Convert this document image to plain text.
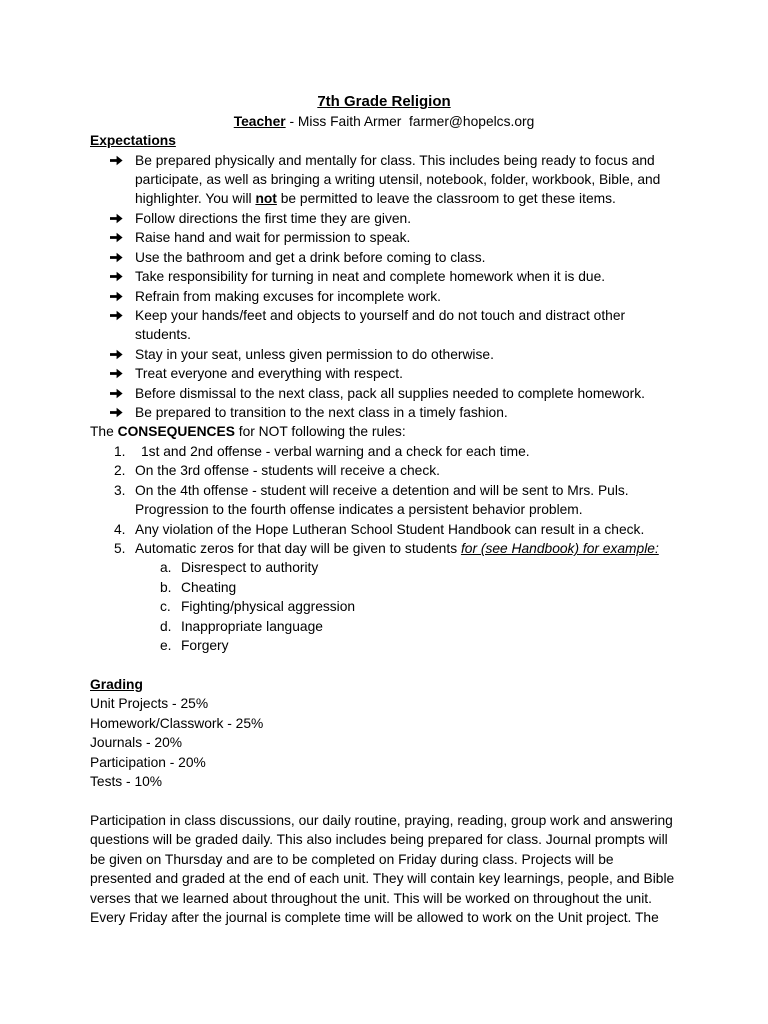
7th Grade Religion
Teacher - Miss Faith Armer  farmer@hopelcs.org
Expectations
Be prepared physically and mentally for class. This includes being ready to focus and
participate, as well as bringing a writing utensil, notebook, folder, workbook, Bible, and
highlighter. You will not be permitted to leave the classroom to get these items.
Follow directions the first time they are given.
Raise hand and wait for permission to speak.
Use the bathroom and get a drink before coming to class.
Take responsibility for turning in neat and complete homework when it is due.
Refrain from making excuses for incomplete work.
Keep your hands/feet and objects to yourself and do not touch and distract other
students.
Stay in your seat, unless given permission to do otherwise.
Treat everyone and everything with respect.
Before dismissal to the next class, pack all supplies needed to complete homework.
Be prepared to transition to the next class in a timely fashion.
The CONSEQUENCES for NOT following the rules:
1. 1st and 2nd offense - verbal warning and a check for each time.
2. On the 3rd offense - students will receive a check.
3. On the 4th offense - student will receive a detention and will be sent to Mrs. Puls.
Progression to the fourth offense indicates a persistent behavior problem.
4. Any violation of the Hope Lutheran School Student Handbook can result in a check.
5. Automatic zeros for that day will be given to students for (see Handbook) for example:
a. Disrespect to authority
b. Cheating
c. Fighting/physical aggression
d. Inappropriate language
e. Forgery
Grading
Unit Projects - 25%
Homework/Classwork - 25%
Journals - 20%
Participation - 20%
Tests - 10%
Participation in class discussions, our daily routine, praying, reading, group work and answering
questions will be graded daily. This also includes being prepared for class. Journal prompts will
be given on Thursday and are to be completed on Friday during class. Projects will be
presented and graded at the end of each unit. They will contain key learnings, people, and Bible
verses that we learned about throughout the unit. This will be worked on throughout the unit.
Every Friday after the journal is complete time will be allowed to work on the Unit project. The
